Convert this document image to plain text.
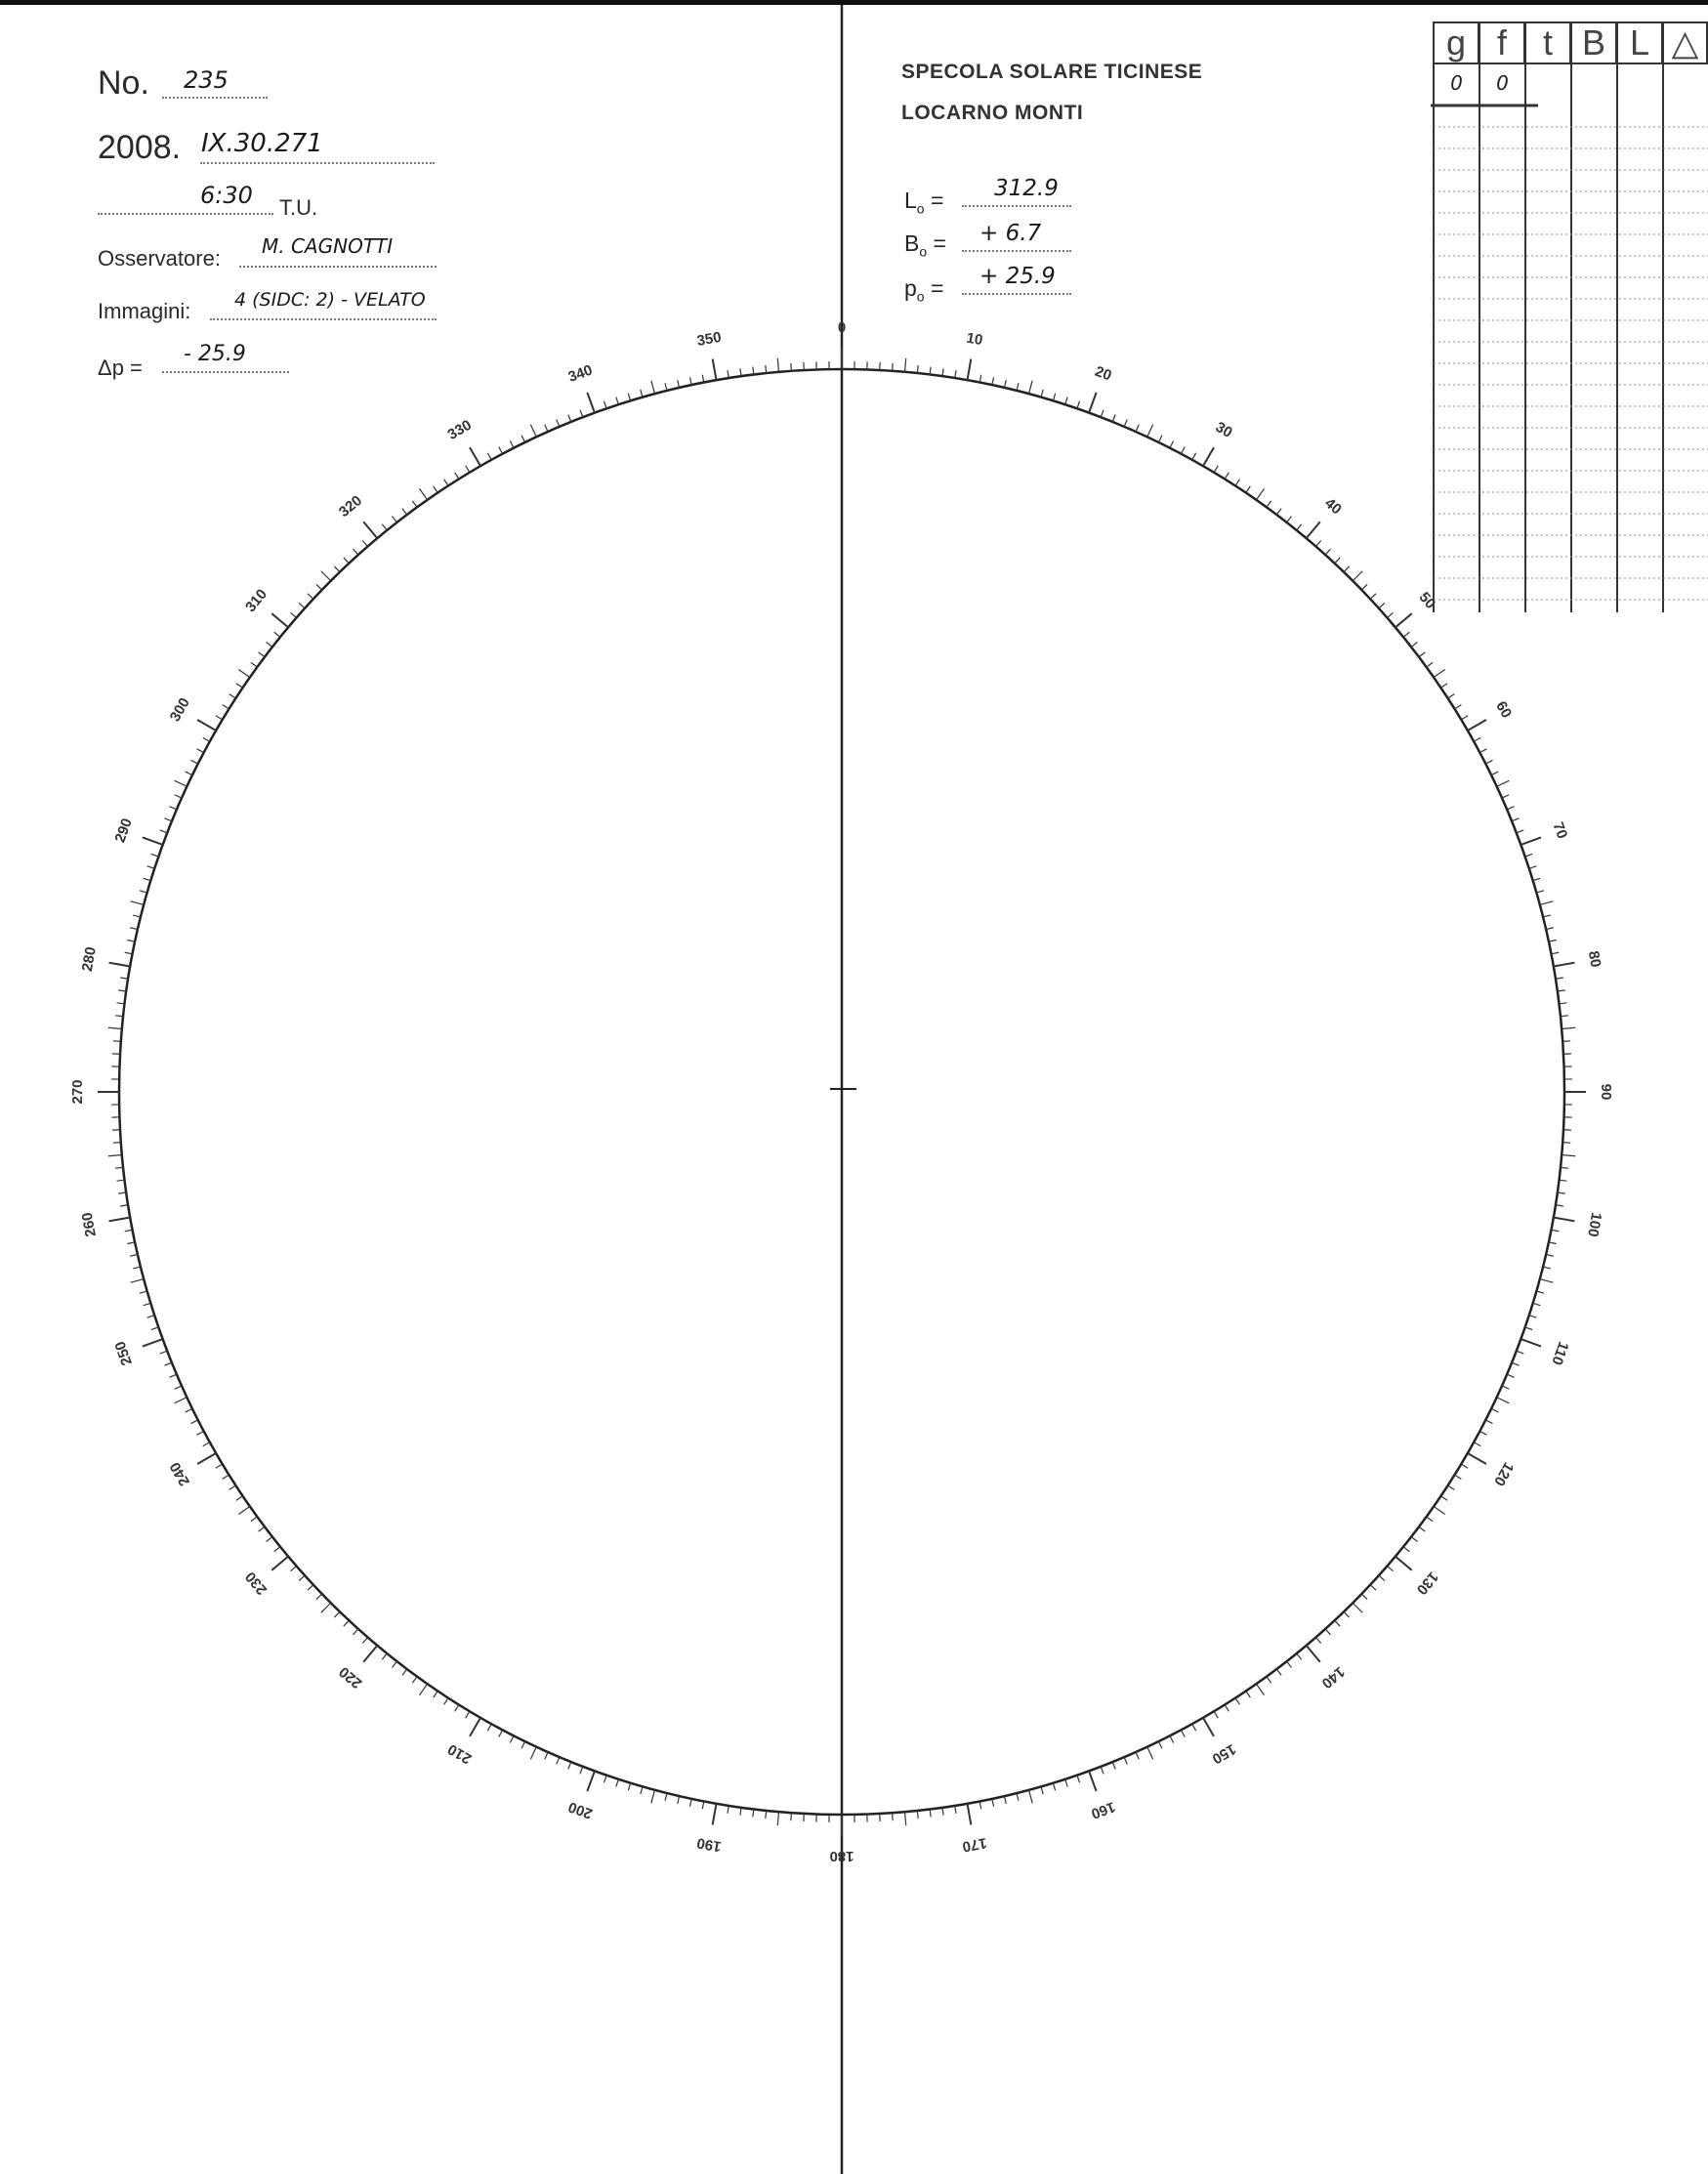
0
10
20
30
40
50
60
70
80
90
100
110
120
130
140
150
160
170
180
190
200
210
220
230
240
250
260
270
280
290
300
310
320
330
340
350
No. 235
2008. IX.30.271
6:30 T.U.
Osservatore: M. CAGNOTTI
Immagini: 4 (SIDC: 2) - VELATO
Δp =
- 25.9
SPECOLA SOLARE TICINESE
LOCARNO MONTI
$L_o = 312.9$
$B_o$ = + 6.7
$p_o$ = + 25.9
g f	t B L △
0	0
